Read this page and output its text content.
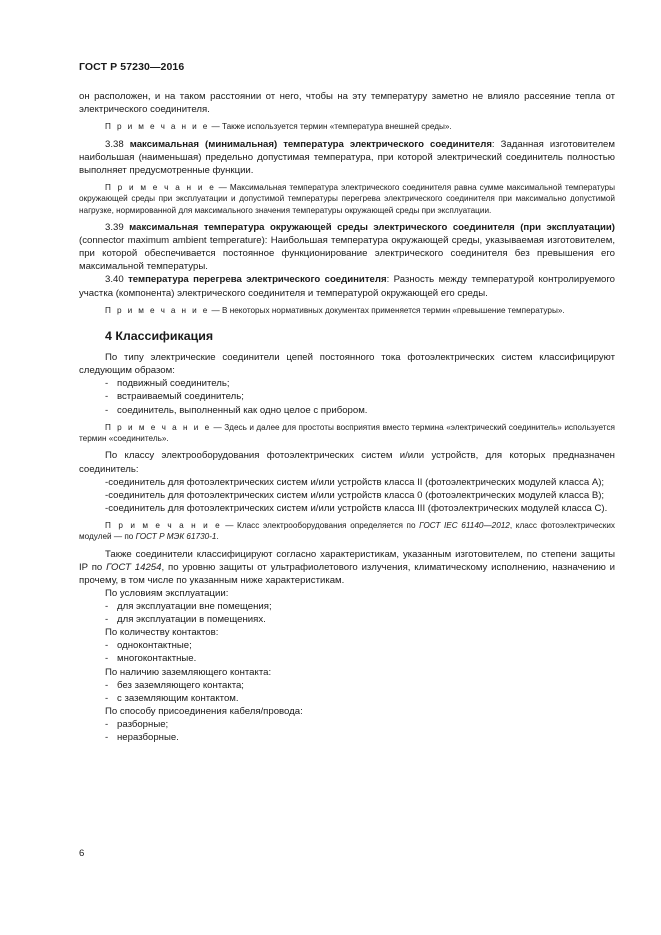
ГОСТ Р 57230—2016

он расположен, и на таком расстоянии от него, чтобы на эту температуру заметно не влияло рассеяние тепла от электрического соединителя.

П р и м е ч а н и е — Также используется термин «температура внешней среды».

3.38 максимальная (минимальная) температура электрического соединителя: Заданная изготовителем наибольшая (наименьшая) предельно допустимая температура, при которой электрический соединитель полностью выполняет предусмотренные функции.

П р и м е ч а н и е — Максимальная температура электрического соединителя равна сумме максимальной температуры окружающей среды при эксплуатации и допустимой температуры перегрева электрического соединителя при максимально допустимой нагрузке, нормированной для максимального значения температуры окружающей среды при эксплуатации.

3.39 максимальная температура окружающей среды электрического соединителя (при эксплуатации) (connector maximum ambient temperature): Наибольшая температура окружающей среды, указываемая изготовителем, при которой обеспечивается постоянное функционирование электрического соединителя без превышения его максимальной температуры.

3.40 температура перегрева электрического соединителя: Разность между температурой контролируемого участка (компонента) электрического соединителя и температурой окружающей его среды.

П р и м е ч а н и е — В некоторых нормативных документах применяется термин «превышение температуры».

4 Классификация

По типу электрические соединители цепей постоянного тока фотоэлектрических систем классифицируют следующим образом:

- подвижный соединитель;

- встраиваемый соединитель;

- соединитель, выполненный как одно целое с прибором.

П р и м е ч а н и е — Здесь и далее для простоты восприятия вместо термина «электрический соединитель» используется термин «соединитель».

По классу электрооборудования фотоэлектрических систем и/или устройств, для которых предназначен соединитель:

-соединитель для фотоэлектрических систем и/или устройств класса II (фотоэлектрических модулей класса А);

-соединитель для фотоэлектрических систем и/или устройств класса 0 (фотоэлектрических модулей класса В);

-соединитель для фотоэлектрических систем и/или устройств класса III (фотоэлектрических модулей класса С).

П р и м е ч а н и е — Класс электрооборудования определяется по ГОСТ IEC 61140—2012, класс фотоэлектрических модулей — по ГОСТ Р МЭК 61730-1.

Также соединители классифицируют согласно характеристикам, указанным изготовителем, по степени защиты IP по ГОСТ 14254, по уровню защиты от ультрафиолетового излучения, климатическому исполнению, назначению и прочему, в том числе по указанным ниже характеристикам.

По условиям эксплуатации:

- для эксплуатации вне помещения;

- для эксплуатации в помещениях.

По количеству контактов:

- одноконтактные;

- многоконтактные.

По наличию заземляющего контакта:

- без заземляющего контакта;

- с заземляющим контактом.

По способу присоединения кабеля/провода:

- разборные;

- неразборные.

6
